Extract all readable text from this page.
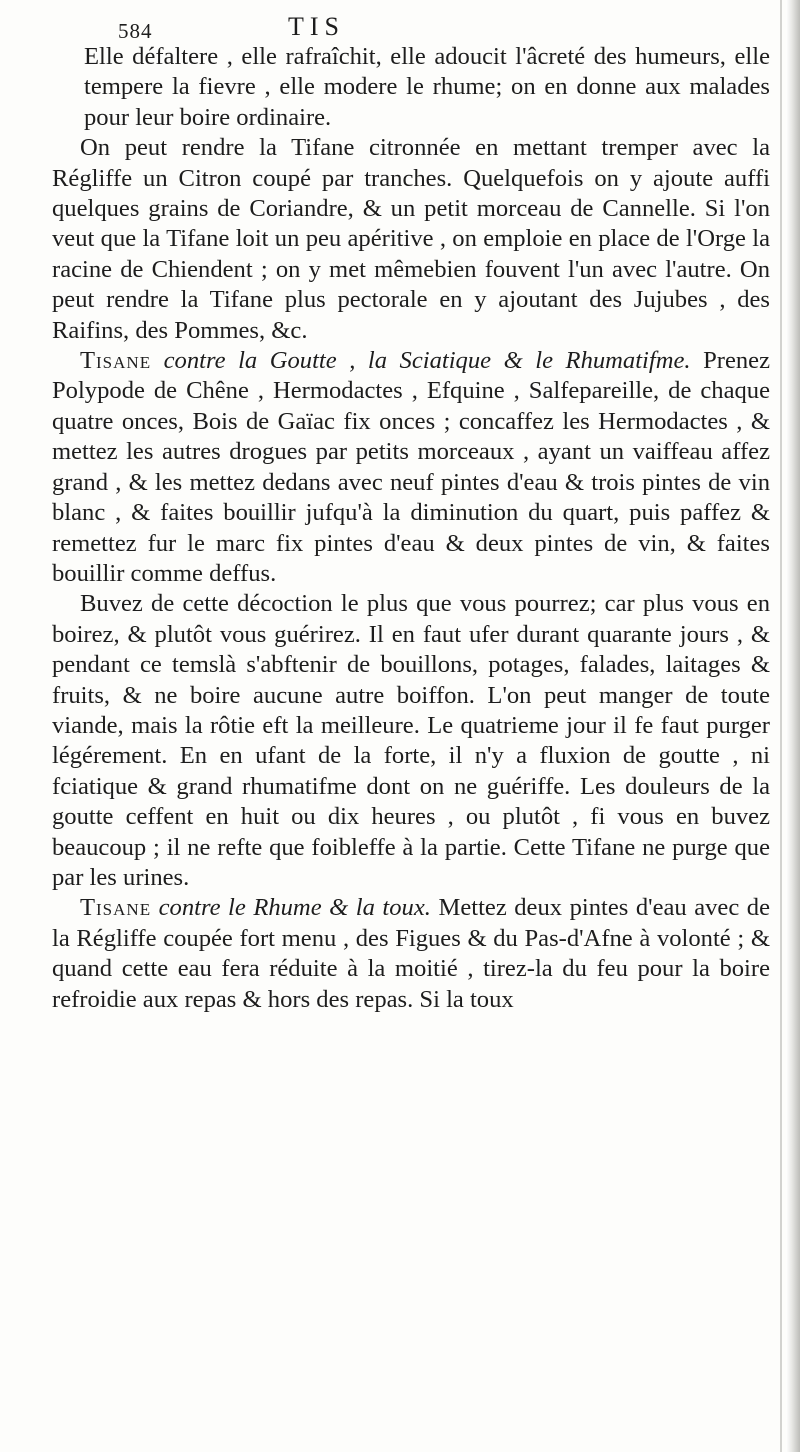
584	TIS

Elle défaltere , elle rafraîchit, elle adoucit l'âcreté des humeurs, elle tempere la fievre , elle modere le rhume; on en donne aux malades pour leur boire ordinaire.

On peut rendre la Tifane citronnée en mettant tremper avec la Régliffe un Citron coupé par tranches. Quelquefois on y ajoute auffi quelques grains de Coriandre, & un petit morceau de Cannelle. Si l'on veut que la Tifane loit un peu apéritive , on emploie en place de l'Orge la racine de Chiendent ; on y met mêmebien fouvent l'un avec l'autre. On peut rendre la Tifane plus pectorale en y ajoutant des Jujubes , des Raifins, des Pommes, &c.

Tisane contre la Goutte , la Sciatique & le Rhumatifme. Prenez Polypode de Chêne , Hermodactes , Efquine , Salfepareille, de chaque quatre onces, Bois de Gaïac fix onces ; concaffez les Hermodactes , & mettez les autres drogues par petits morceaux , ayant un vaiffeau affez grand , & les mettez dedans avec neuf pintes d'eau & trois pintes de vin blanc , & faites bouillir jufqu'à la diminution du quart, puis paffez & remettez fur le marc fix pintes d'eau & deux pintes de vin, & faites bouillir comme deffus.

Buvez de cette décoction le plus que vous pourrez; car plus vous en boirez, & plutôt vous guérirez. Il en faut ufer durant quarante jours , & pendant ce temslà s'abftenir de bouillons, potages, falades, laitages & fruits, & ne boire aucune autre boiffon. L'on peut manger de toute viande, mais la rôtie eft la meilleure. Le quatrieme jour il fe faut purger légérement. En en ufant de la forte, il n'y a fluxion de goutte , ni fciatique & grand rhumatifme dont on ne guériffe. Les douleurs de la goutte ceffent en huit ou dix heures , ou plutôt , fi vous en buvez beaucoup ; il ne refte que foibleffe à la partie. Cette Tifane ne purge que par les urines.

Tisane contre le Rhume & la toux. Mettez deux pintes d'eau avec de la Régliffe coupée fort menu , des Figues & du Pas-d'Afne à volonté ; & quand cette eau fera réduite à la moitié , tirez-la du feu pour la boire refroidie aux repas & hors des repas. Si la toux
